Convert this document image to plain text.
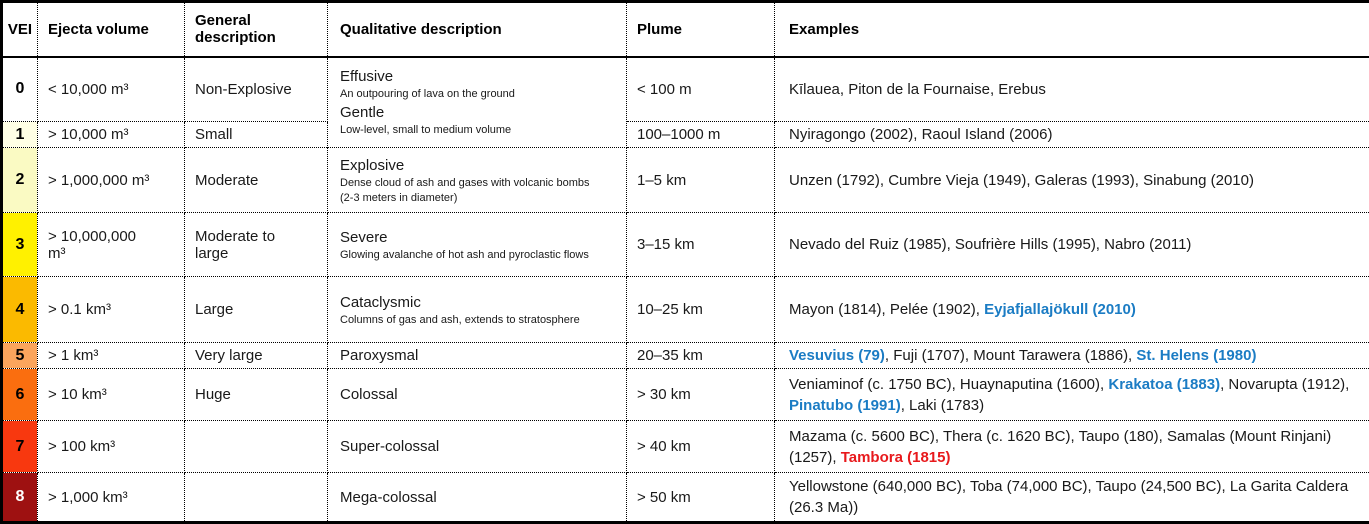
VEI	Ejecta volume	General description	Qualitative description	Plume	Examples
0	< 10,000 m³	Non-Explosive	Effusive
An outpouring of lava on the ground
Gentle
Low-level, small to medium volume	< 100 m	Kīlauea, Piton de la Fournaise, Erebus
1	> 10,000 m³	Small		100–1000 m	Nyiragongo (2002), Raoul Island (2006)
2	> 1,000,000 m³	Moderate	Explosive
Dense cloud of ash and gases with volcanic bombs (2-3 meters in diameter)	1–5 km	Unzen (1792), Cumbre Vieja (1949), Galeras (1993), Sinabung (2010)
3	> 10,000,000 m³	Moderate to large	Severe
Glowing avalanche of hot ash and pyroclastic flows	3–15 km	Nevado del Ruiz (1985), Soufrière Hills (1995), Nabro (2011)
4	> 0.1 km³	Large	Cataclysmic
Columns of gas and ash, extends to stratosphere	10–25 km	Mayon (1814), Pelée (1902), Eyjafjallajökull (2010)
5	> 1 km³	Very large	Paroxysmal	20–35 km	Vesuvius (79), Fuji (1707), Mount Tarawera (1886), St. Helens (1980)
6	> 10 km³	Huge	Colossal	> 30 km	Veniaminof (c. 1750 BC), Huaynaputina (1600), Krakatoa (1883), Novarupta (1912), Pinatubo (1991), Laki (1783)
7	> 100 km³		Super-colossal	> 40 km	Mazama (c. 5600 BC), Thera (c. 1620 BC), Taupo (180), Samalas (Mount Rinjani) (1257), Tambora (1815)
8	> 1,000 km³		Mega-colossal	> 50 km	Yellowstone (640,000 BC), Toba (74,000 BC), Taupo (24,500 BC), La Garita Caldera (26.3 Ma))
